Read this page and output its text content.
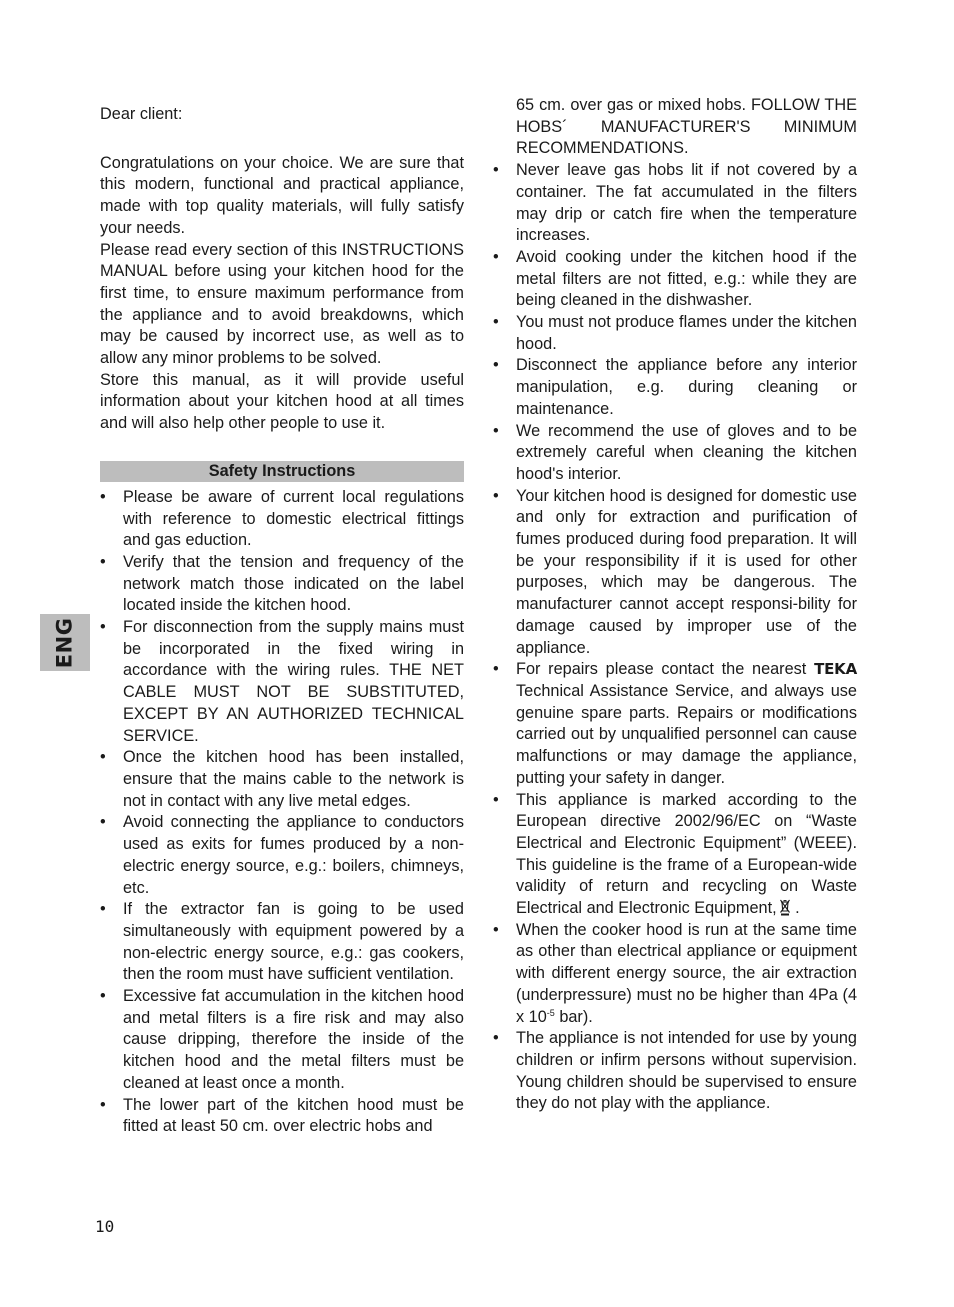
ENG

Dear client:

Congratulations on your choice. We are sure that this modern, functional and practical appliance, made with top quality materials, will fully satisfy your needs.

Please read every section of this INSTRUCTIONS MANUAL before using your kitchen hood for the first time, to ensure maximum performance from the appliance and to avoid breakdowns, which may be caused by incorrect use, as well as to allow any minor problems to be solved.

Store this manual, as it will provide useful information about your kitchen hood at all times and will also help other people to use it.

Safety Instructions
• Please be aware of current local regulations with reference to domestic electrical fittings and gas eduction.
• Verify that the tension and frequency of the network match those indicated on the label located inside the kitchen hood.
• For disconnection from the supply mains must be incorporated in the fixed wiring in accordance with the wiring rules. THE NET CABLE MUST NOT BE SUBSTITUTED, EXCEPT BY AN AUTHORIZED TECHNICAL SERVICE.
• Once the kitchen hood has been installed, ensure that the mains cable to the network is not in contact with any live metal edges.
• Avoid connecting the appliance to conductors used as exits for fumes produced by a non-electric energy source, e.g.: boilers, chimneys, etc.
• If the extractor fan is going to be used simultaneously with equipment powered by a non-electric energy source, e.g.: gas cookers, then the room must have sufficient ventilation.
• Excessive fat accumulation in the kitchen hood and metal filters is a fire risk and may also cause dripping, therefore the inside of the kitchen hood and the metal filters must be cleaned at least once a month.
• The lower part of the kitchen hood must be fitted at least 50 cm. over electric hobs and
65 cm. over gas or mixed hobs. FOLLOW THE HOBS´ MANUFACTURER'S MINIMUM RECOMMENDATIONS.
• Never leave gas hobs lit if not covered by a container. The fat accumulated in the filters may drip or catch fire when the temperature increases.
• Avoid cooking under the kitchen hood if the metal filters are not fitted, e.g.: while they are being cleaned in the dishwasher.
• You must not produce flames under the kitchen hood.
• Disconnect the appliance before any interior manipulation, e.g. during cleaning or maintenance.
• We recommend the use of gloves and to be extremely careful when cleaning the kitchen hood's interior.
• Your kitchen hood is designed for domestic use and only for extraction and purification of fumes produced during food preparation. It will be your responsibility if it is used for other purposes, which may be dangerous. The manufacturer cannot accept responsi-bility for damage caused by improper use of the appliance.
• For repairs please contact the nearest TEKA Technical Assistance Service, and always use genuine spare parts. Repairs or modifications carried out by unqualified personnel can cause malfunctions or may damage the appliance, putting your safety in danger.
• This appliance is marked according to the European directive 2002/96/EC on “Waste Electrical and Electronic Equipment” (WEEE). This guideline is the frame of a European-wide validity of return and recycling on Waste Electrical and Electronic Equipment, .
• When the cooker hood is run at the same time as other than electrical appliance or equipment with different energy source, the air extraction (underpressure) must no be higher than 4Pa (4 x $10^{-5}$ bar).
• The appliance is not intended for use by young children or infirm persons without supervision. Young children should be supervised to ensure they do not play with the appliance.
10
